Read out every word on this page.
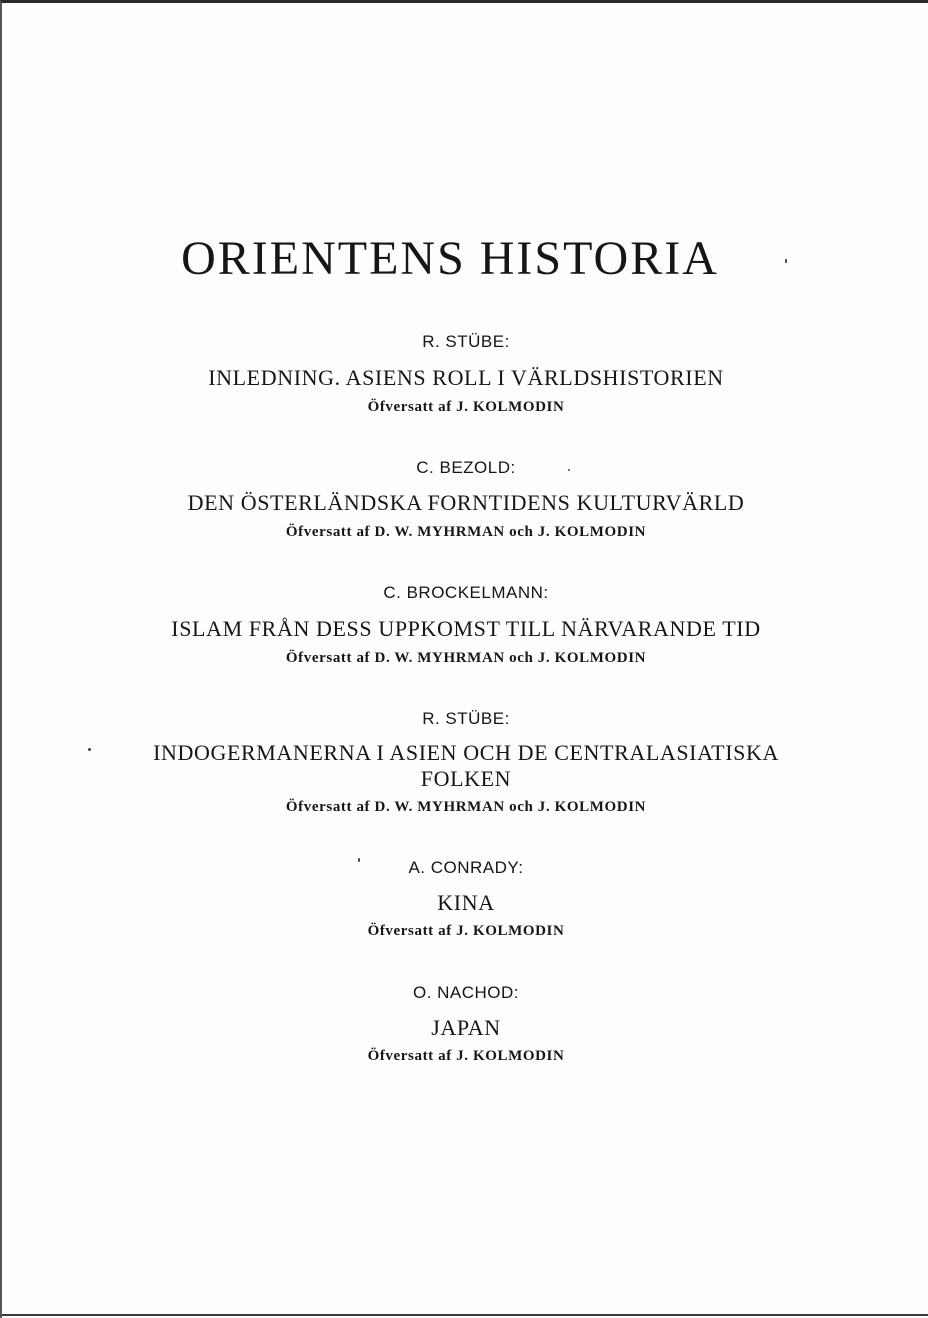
ORIENTENS HISTORIA
R. STÜBE:
INLEDNING. ASIENS ROLL I VÄRLDSHISTORIEN
Öfversatt af J. KOLMODIN
C. BEZOLD:
DEN ÖSTERLÄNDSKA FORNTIDENS KULTURVÄRLD
Öfversatt af D. W. MYHRMAN och J. KOLMODIN
C. BROCKELMANN:
ISLAM FRÅN DESS UPPKOMST TILL NÄRVARANDE TID
Öfversatt af D. W. MYHRMAN och J. KOLMODIN
R. STÜBE:
INDOGERMANERNA I ASIEN OCH DE CENTRALASIATISKA
FOLKEN
Öfversatt af D. W. MYHRMAN och J. KOLMODIN
A. CONRADY:
KINA
Öfversatt af J. KOLMODIN
O. NACHOD:
JAPAN
Öfversatt af J. KOLMODIN
